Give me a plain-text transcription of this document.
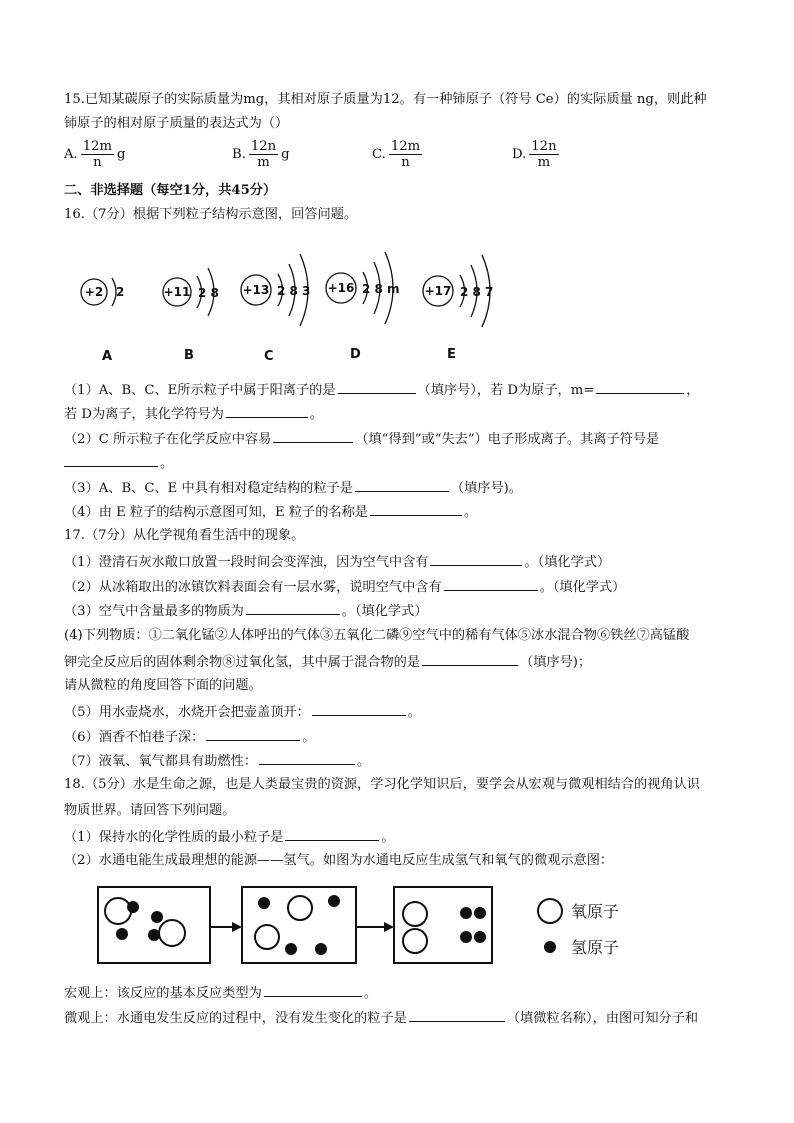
15.已知某碳原子的实际质量为mg，其相对原子质量为12。有一种铈原子（符号 Ce）的实际质量 ng，则此种
铈原子的相对原子质量的表达式为（）
A. $\frac{12m}{n}$ g	B. $\frac{12n}{m}$ g	C. $\frac{12m}{n}$	D. $\frac{12n}{m}$
二、非选择题（每空1分，共45分）
16.（7分）根据下列粒子结构示意图，回答问题。
+2 2	+11 2 8 +13 2 8 3 +16 2 8 m +17 2 8 7
A	B	C	D	E
（1）A、B、C、E所示粒子中属于阳离子的是	（填序号），若 D为原子，m=	，
若 D为离子，其化学符号为	。
（2）C 所示粒子在化学反应中容易	（填“得到”或“失去”）电子形成离子。其离子符号是
。
（3）A、B、C、E 中具有相对稳定结构的粒子是	（填序号)。
（4）由 E 粒子的结构示意图可知，E 粒子的名称是	。
17.（7分）从化学视角看生活中的现象。
（1）澄清石灰水敞口放置一段时间会变浑浊，因为空气中含有	。（填化学式）
（2）从冰箱取出的冰镇饮料表面会有一层水雾，说明空气中含有	。（填化学式）
（3）空气中含量最多的物质为	。（填化学式）
(4)下列物质：①二氧化锰②人体呼出的气体③五氧化二磷⑨空气中的稀有气体⑤冰水混合物⑥铁丝⑦高锰酸
钾完全反应后的固体剩余物⑧过氧化氢，其中属于混合物的是	（填序号)；
请从微粒的角度回答下面的问题。
（5）用水壶烧水，水烧开会把壶盖顶开：	。
（6）酒香不怕巷子深：	。
（7）液氧、氧气都具有助燃性：	。
18.（5分）水是生命之源，也是人类最宝贵的资源，学习化学知识后，要学会从宏观与微观相结合的视角认识
物质世界。请回答下列问题。
（1）保持水的化学性质的最小粒子是	。
（2）水通电能生成最理想的能源——氢气。如图为水通电反应生成氢气和氧气的微观示意图：
氧原子
氢原子
宏观上：该反应的基本反应类型为	。
微观上：水通电发生反应的过程中，没有发生变化的粒子是	（填微粒名称），由图可知分子和
